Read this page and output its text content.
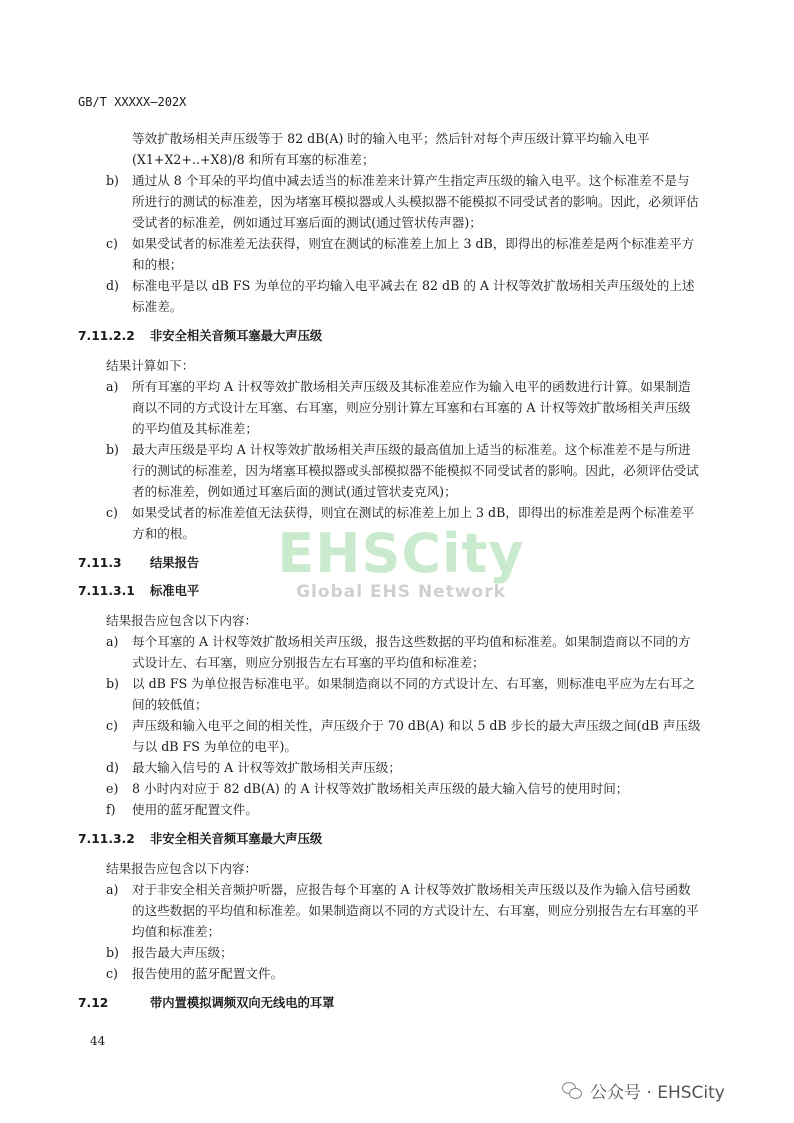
GB/T XXXXX—202X
等效扩散场相关声压级等于 82 dB(A) 时的输入电平；然后针对每个声压级计算平均输入电平
(X1+X2+..+X8)/8 和所有耳塞的标准差；
b)	通过从 8 个耳朵的平均值中减去适当的标准差来计算产生指定声压级的输入电平。这个标准差不是与所进行的测试的标准差，因为堵塞耳模拟器或人头模拟器不能模拟不同受试者的影响。因此，必须评估受试者的标准差，例如通过耳塞后面的测试(通过管状传声器)；
c)	如果受试者的标准差无法获得，则宜在测试的标准差上加上 3 dB，即得出的标准差是两个标准差平方和的根；
d)	标准电平是以 dB FS 为单位的平均输入电平减去在 82 dB 的 A 计权等效扩散场相关声压级处的上述标准差。
7.11.2.2 非安全相关音频耳塞最大声压级
结果计算如下：
a)	所有耳塞的平均 A 计权等效扩散场相关声压级及其标准差应作为输入电平的函数进行计算。如果制造商以不同的方式设计左耳塞、右耳塞，则应分别计算左耳塞和右耳塞的 A 计权等效扩散场相关声压级的平均值及其标准差；
b)	最大声压级是平均 A 计权等效扩散场相关声压级的最高值加上适当的标准差。这个标准差不是与所进行的测试的标准差，因为堵塞耳模拟器或头部模拟器不能模拟不同受试者的影响。因此，必须评估受试者的标准差，例如通过耳塞后面的测试(通过管状麦克风)；
c)	如果受试者的标准差值无法获得，则宜在测试的标准差上加上 3 dB，即得出的标准差是两个标准差平方和的根。
7.11.3 结果报告
7.11.3.1 标准电平
结果报告应包含以下内容：
a)	每个耳塞的 A 计权等效扩散场相关声压级，报告这些数据的平均值和标准差。如果制造商以不同的方式设计左、右耳塞，则应分别报告左右耳塞的平均值和标准差；
b)	以 dB FS 为单位报告标准电平。如果制造商以不同的方式设计左、右耳塞，则标准电平应为左右耳之间的较低值；
c)	声压级和输入电平之间的相关性，声压级介于 70 dB(A) 和以 5 dB 步长的最大声压级之间(dB 声压级与以 dB FS 为单位的电平)。
d)	最大输入信号的 A 计权等效扩散场相关声压级；
e)	8 小时内对应于 82 dB(A) 的 A 计权等效扩散场相关声压级的最大输入信号的使用时间；
f)	使用的蓝牙配置文件。
7.11.3.2 非安全相关音频耳塞最大声压级
结果报告应包含以下内容：
a)	对于非安全相关音频护听器，应报告每个耳塞的 A 计权等效扩散场相关声压级以及作为输入信号函数的这些数据的平均值和标准差。如果制造商以不同的方式设计左、右耳塞，则应分别报告左右耳塞的平均值和标准差；
b)	报告最大声压级；
c)	报告使用的蓝牙配置文件。
7.12	带内置模拟调频双向无线电的耳罩
EHSCity
Global EHS Network
44
公众号 · EHSCity
